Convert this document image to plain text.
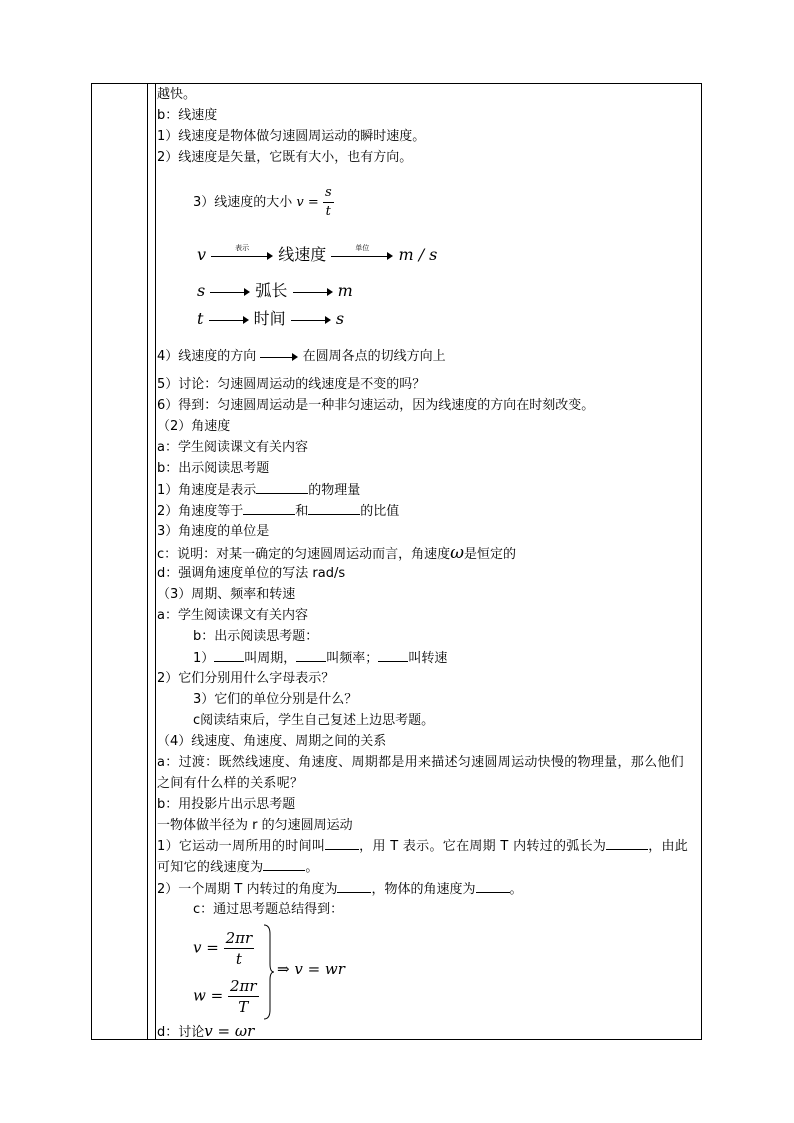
越快。
b：线速度
1）线速度是物体做匀速圆周运动的瞬时速度。
2）线速度是矢量，它既有大小，也有方向。
3）线速度的大小 $v = \frac{s}{t}$
v	表示	线速度	单位	m / s
s	弧长	m
t	时间	s
4）线速度的方向	在圆周各点的切线方向上
5）讨论：匀速圆周运动的线速度是不变的吗？
6）得到：匀速圆周运动是一种非匀速运动，因为线速度的方向在时刻改变。
（2）角速度
a：学生阅读课文有关内容
b：出示阅读思考题
1）角速度是表示	的物理量
2）角速度等于	和	的比值
3）角速度的单位是
c：说明：对某一确定的匀速圆周运动而言，角速度ω是恒定的
d：强调角速度单位的写法 rad/s
（3）周期、频率和转速
a：学生阅读课文有关内容
b：出示阅读思考题：
1） 叫周期， 叫频率； 叫转速
2）它们分别用什么字母表示？
3）它们的单位分别是什么？
c阅读结束后，学生自己复述上边思考题。
（4）线速度、角速度、周期之间的关系
a：过渡：既然线速度、角速度、周期都是用来描述匀速圆周运动快慢的物理量，那么他们之间有什么样的关系呢？
b：用投影片出示思考题
一物体做半径为 r 的匀速圆周运动
1）它运动一周所用的时间叫	，用 T 表示。它在周期 T 内转过的弧长为	，由此可知它的线速度为	。
2）一个周期 T 内转过的角度为	，物体的角速度为	。
c：通过思考题总结得到：
$v = \frac{2\pi r}{t}$
$w = \frac{2\pi r}{T}$
⇒ v = wr
d：讨论v = ωr
